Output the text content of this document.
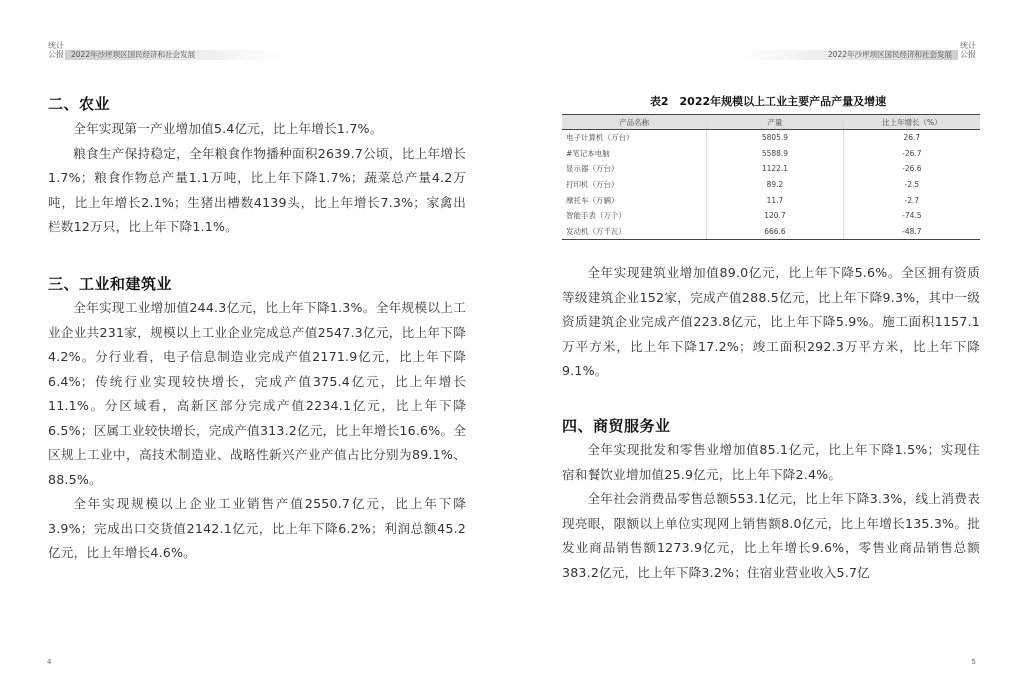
统计
公报 2022年沙坪坝区国民经济和社会发展
二、农业

全年实现第一产业增加值5.4亿元，比上年增长1.7%。

粮食生产保持稳定，全年粮食作物播种面积2639.7公顷，比上年增长1.7%；粮食作物总产量1.1万吨，比上年下降1.7%；蔬菜总产量4.2万吨，比上年增长2.1%；生猪出槽数4139头，比上年增长7.3%；家禽出栏数12万只，比上年下降1.1%。

三、工业和建筑业

全年实现工业增加值244.3亿元，比上年下降1.3%。全年规模以上工业企业共231家，规模以上工业企业完成总产值2547.3亿元，比上年下降4.2%。分行业看，电子信息制造业完成产值2171.9亿元，比上年下降6.4%；传统行业实现较快增长，完成产值375.4亿元，比上年增长11.1%。分区域看，高新区部分完成产值2234.1亿元，比上年下降6.5%；区属工业较快增长，完成产值313.2亿元，比上年增长16.6%。全区规上工业中，高技术制造业、战略性新兴产业产值占比分别为89.1%、88.5%。

全年实现规模以上企业工业销售产值2550.7亿元，比上年下降3.9%；完成出口交货值2142.1亿元，比上年下降6.2%；利润总额45.2亿元，比上年增长4.6%。

4
统计
公报
2022年沙坪坝区国民经济和社会发展
表2　2022年规模以上工业主要产品产量及增速
产品名称	产量	比上年增长（%）
电子计算机（万台）	5805.9	26.7
#笔记本电脑	5588.9	-26.7
显示器（万台）	1122.1	-26.6
打印机（万台）	89.2	-2.5
摩托车（万辆）	11.7	-2.7
智能手表（万个）	120.7	-74.5
发动机（万千瓦）	666.6	-48.7

全年实现建筑业增加值89.0亿元，比上年下降5.6%。全区拥有资质等级建筑企业152家，完成产值288.5亿元，比上年下降9.3%，其中一级资质建筑企业完成产值223.8亿元，比上年下降5.9%。施工面积1157.1万平方米，比上年下降17.2%；竣工面积292.3万平方米，比上年下降9.1%。

四、商贸服务业

全年实现批发和零售业增加值85.1亿元，比上年下降1.5%；实现住宿和餐饮业增加值25.9亿元，比上年下降2.4%。

全年社会消费品零售总额553.1亿元，比上年下降3.3%，线上消费表现亮眼，限额以上单位实现网上销售额8.0亿元，比上年增长135.3%。批发业商品销售额1273.9亿元，比上年增长9.6%，零售业商品销售总额383.2亿元，比上年下降3.2%；住宿业营业收入5.7亿

5
